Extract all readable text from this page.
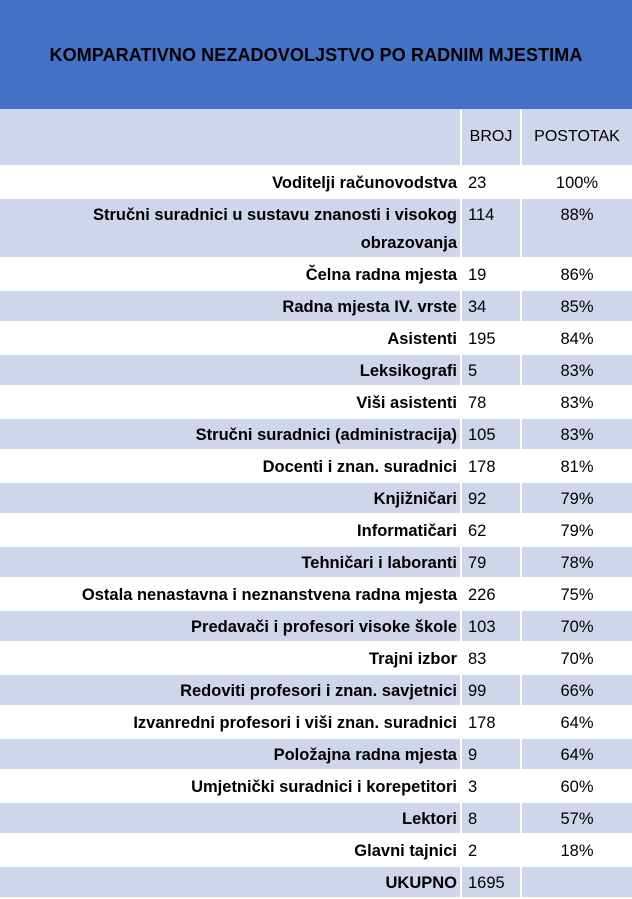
KOMPARATIVNO NEZADOVOLJSTVO PO RADNIM MJESTIMA
	BROJ	POSTOTAK
Voditelji računovodstva	23	100%
Stručni suradnici u sustavu znanosti i visokog obrazovanja	114	88%
Čelna radna mjesta	19	86%
Radna mjesta IV. vrste	34	85%
Asistenti	195	84%
Leksikografi	5	83%
Viši asistenti	78	83%
Stručni suradnici (administracija)	105	83%
Docenti i znan. suradnici	178	81%
Knjižničari	92	79%
Informatičari	62	79%
Tehničari i laboranti	79	78%
Ostala nenastavna i neznanstvena radna mjesta	226	75%
Predavači i profesori visoke škole	103	70%
Trajni izbor	83	70%
Redoviti profesori i znan. savjetnici	99	66%
Izvanredni profesori i viši znan. suradnici	178	64%
Položajna radna mjesta	9	64%
Umjetnički suradnici i korepetitori	3	60%
Lektori	8	57%
Glavni tajnici	2	18%
UKUPNO	1695	
